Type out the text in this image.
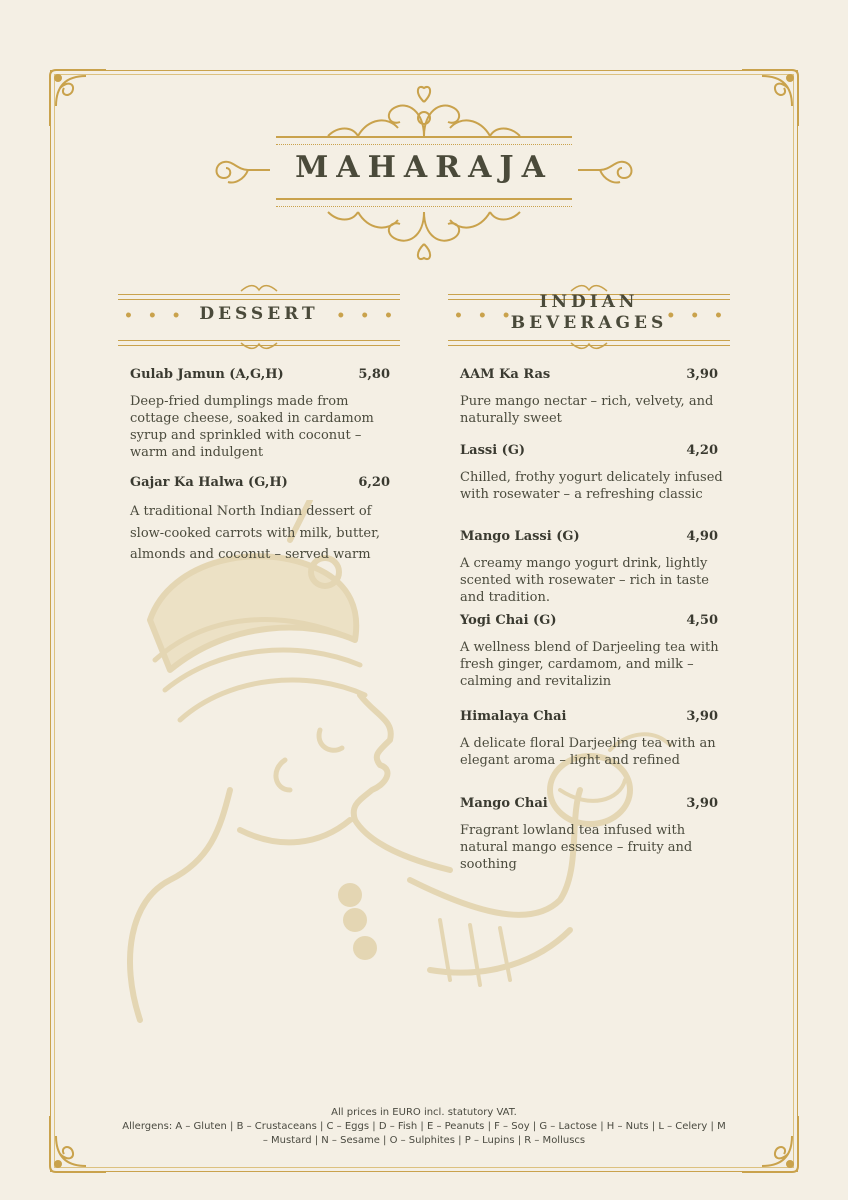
MAHARAJA
• • • DESSERT	• • •	• • •
INDIAN
BEVERAGES • • •
Gulab Jamun (A,G,H)	5,80
Deep-fried dumplings made from cottage cheese, soaked in cardamom syrup and sprinkled with coconut – warm and indulgent
Gajar Ka Halwa (G,H)	6,20
A traditional North Indian dessert of slow-cooked carrots with milk, butter, almonds and coconut – served warm
AAM Ka Ras	3,90
Pure mango nectar – rich, velvety, and naturally sweet
Lassi (G)	4,20
Chilled, frothy yogurt delicately infused with rosewater – a refreshing classic
Mango Lassi (G)	4,90
A creamy mango yogurt drink, lightly scented with rosewater – rich in taste and tradition.
Yogi Chai (G)	4,50
A wellness blend of Darjeeling tea with fresh ginger, cardamom, and milk – calming and revitalizin
Himalaya Chai	3,90
A delicate floral Darjeeling tea with an elegant aroma – light and refined
Mango Chai	3,90
Fragrant lowland tea infused with natural mango essence – fruity and soothing
All prices in EURO incl. statutory VAT.
Allergens: A – Gluten | B – Crustaceans | C – Eggs | D – Fish | E – Peanuts | F – Soy | G – Lactose | H – Nuts | L – Celery | M – Mustard | N – Sesame | O – Sulphites | P – Lupins | R – Molluscs
